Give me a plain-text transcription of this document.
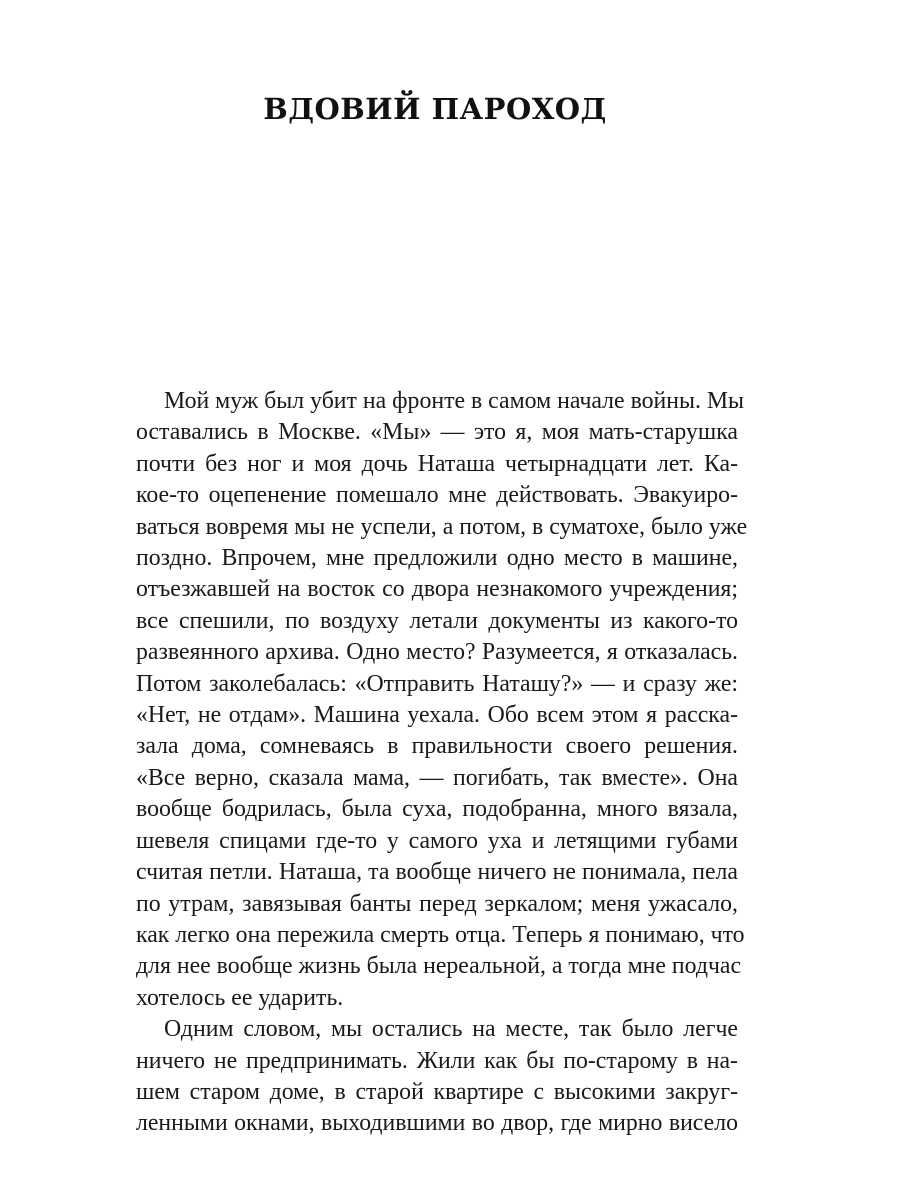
ВДОВИЙ ПАРОХОД

Мой муж был убит на фронте в самом начале войны. Мы
оставались в Москве. «Мы» — это я, моя мать-старушка
почти без ног и моя дочь Наташа четырнадцати лет. Ка-
кое-то оцепенение помешало мне действовать. Эвакуиро-
ваться вовремя мы не успели, а потом, в суматохе, было уже
поздно. Впрочем, мне предложили одно место в машине,
отъезжавшей на восток со двора незнакомого учреждения;
все спешили, по воздуху летали документы из какого-то
развеянного архива. Одно место? Разумеется, я отказалась.
Потом заколебалась: «Отправить Наташу?» — и сразу же:
«Нет, не отдам». Машина уехала. Обо всем этом я расска-
зала дома, сомневаясь в правильности своего решения.
«Все верно, сказала мама, — погибать, так вместе». Она
вообще бодрилась, была суха, подобранна, много вязала,
шевеля спицами где-то у самого уха и летящими губами
считая петли. Наташа, та вообще ничего не понимала, пела
по утрам, завязывая банты перед зеркалом; меня ужасало,
как легко она пережила смерть отца. Теперь я понимаю, что
для нее вообще жизнь была нереальной, а тогда мне подчас
хотелось ее ударить.

Одним словом, мы остались на месте, так было легче
ничего не предпринимать. Жили как бы по-старому в на-
шем старом доме, в старой квартире с высокими закруг-
ленными окнами, выходившими во двор, где мирно висело
